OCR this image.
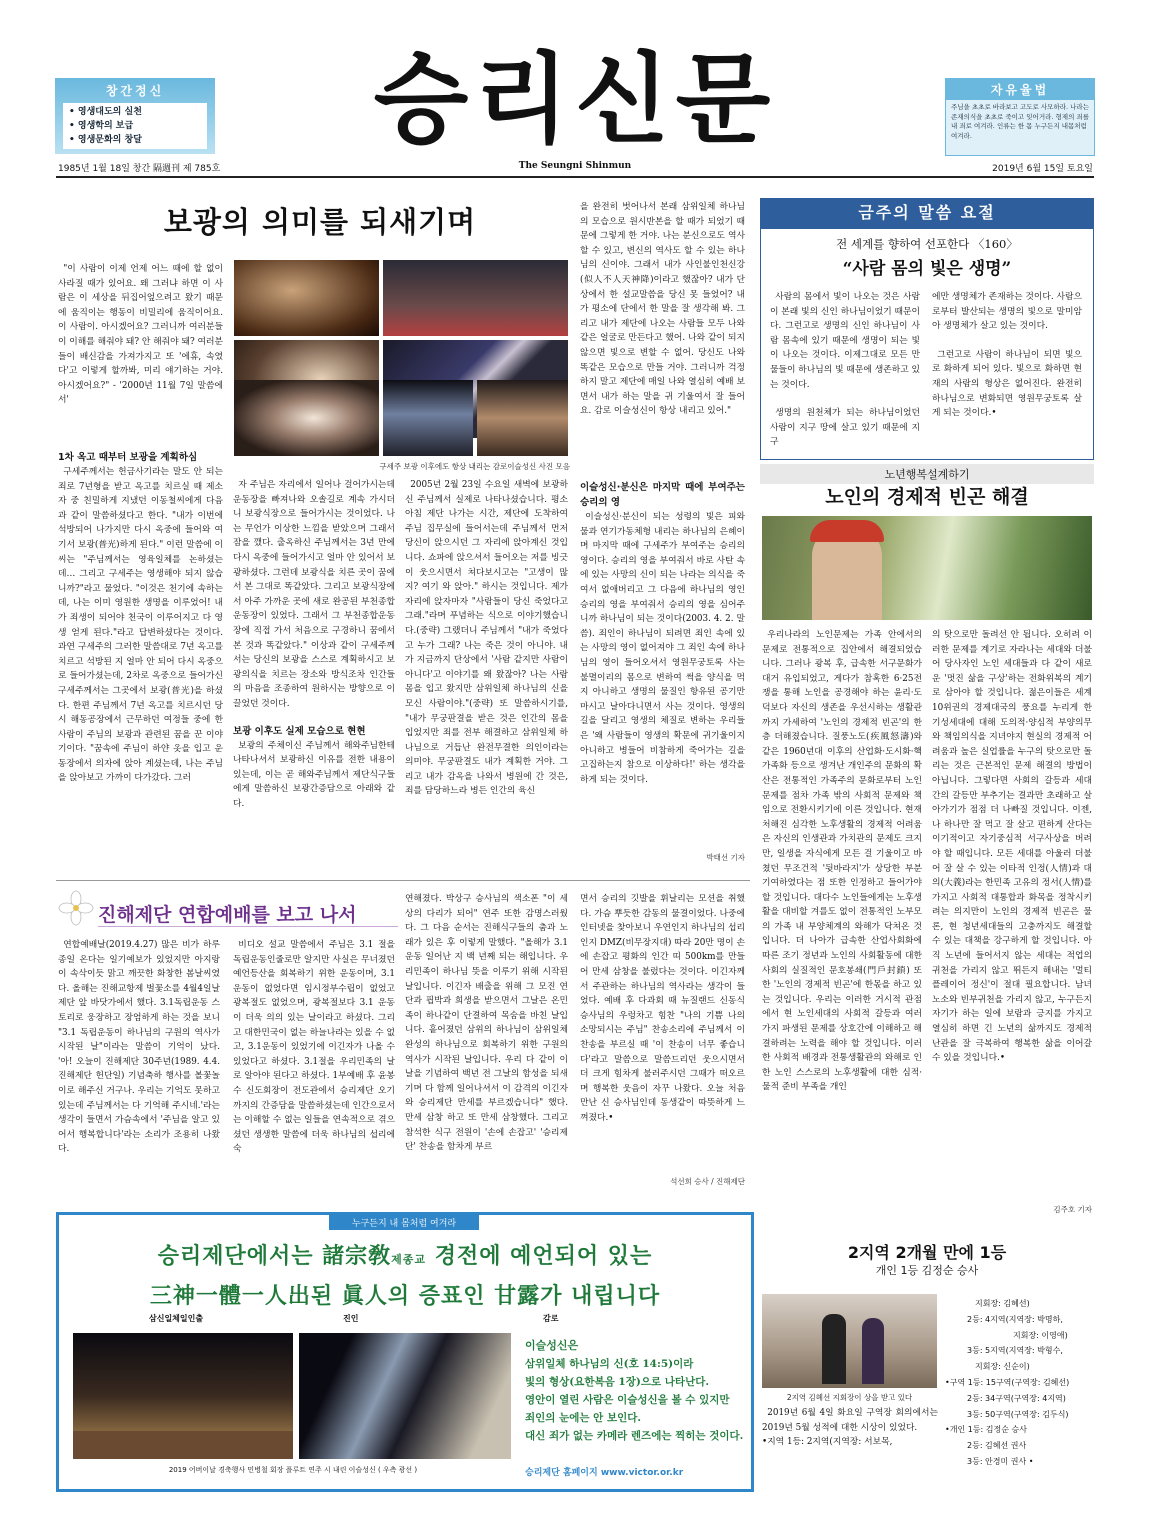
창간정신
• 영생대도의 실천
• 영생학의 보급
• 영생문화의 창달	승리신문	자유율법
주님을 초초로 바라보고 고도로 사모하라. 나라는 존재의식을 초초로 죽이고 잊어거라. 형제의 죄를 내 죄로 여겨라. 인류는 한 몸 누구든지 내몸처럼 여겨라.
1985년 1월 18일 창간 隔週刊 제 785호	The Seungni Shinmun	2019년 6월 15일 토요일
보광의 의미를 되새기며

"이 사람이 이제 언제 어느 때에 할 없이 사라질 때가 있어요. 왜 그러냐 하면 이 사람은 이 세상을 뒤집어엎으려고 왔기 때문에 움직이는 행동이 비밀리에 움직이어요. 이 사람이. 아시겠어요? 그러니까 여러분들이 이해를 해줘야 돼? 안 해줘야 돼? 여러분들이 배신감을 가져가지고 또 '에휴, 속였다'고 이렇게 할까봐, 미리 얘기하는 거야. 아시겠어요?" - '2000년 11월 7일 말씀에서'

구세주 보광 이후에도 항상 내리는 감로이슬성신 사진 모음
1차 옥고 때부터 보광을 계획하심

구세주께서는 헌금사기라는 말도 안 되는 죄로 7년형을 받고 옥고를 치르실 때 제소자 중 친밀하게 지냈던 이동철씨에게 다음과 같이 말씀하셨다고 한다. "내가 이번에 석방되어 나가지만 다시 옥중에 들어와 여기서 보광(普光)하게 된다." 이런 말씀에 이 씨는 "주님께서는 영육일체를 논하셨는데… 그리고 구세주는 영생해야 되지 않습니까?"라고 물었다. "이것은 천기에 속하는데, 나는 이미 영원한 생명을 이루었어! 내가 죄생이 되어야 천국이 이루어지고 다 영생 얻게 된다."라고 답변하셨다는 것이다. 과연 구세주의 그러한 말씀대로 7년 옥고를 치르고 석방된 지 얼마 안 되어 다시 옥중으로 들어가셨는데, 2차로 옥중으로 들어가신 구세주께서는 그곳에서 보광(普光)을 하셨다. 한편 주님께서 7년 옥고를 치르시던 당시 해동공장에서 근무하던 여정들 중에 한 사람이 주님의 보광과 관련된 꿈을 꾼 이야기이다. "꿈속에 주님이 하얀 옷을 입고 운동장에서 의자에 앉아 계셨는데, 나는 주님을 앉아보고 가까이 다가갔다. 그러

자 주님은 자리에서 일어나 걸어가시는데 운동장을 빠져나와 오솔길로 계속 가시더니 보광식장으로 들어가시는 것이었다. 나는 무언가 이상한 느낌을 받았으며 그래서 잠을 깼다. 출옥하신 주님께서는 3년 만에 다시 옥중에 들어가시고 얼마 안 있어서 보광하셨다. 그런데 보광식을 치른 곳이 꿈에서 본 그대로 똑같았다. 그리고 보광식장에서 아주 가까운 곳에 새로 완공된 부천종합운동장이 있었다. 그래서 그 부천종합운동장에 직접 가서 처음으로 구경하니 꿈에서 본 것과 똑같았다." 이상과 같이 구세주께서는 당신의 보광을 스스로 계획하시고 보광의식을 치르는 장소와 방식조차 인간들의 마음을 조종하여 원하시는 방향으로 이끌었던 것이다.

보광 이후도 실제 모습으로 현현

보광의 주체이신 주님께서 해와주님한테 나타나셔서 보광하신 이유를 전한 내용이 있는데, 이는 곧 해와주님께서 제단식구들에게 말씀하신 보광간증담으로 아래와 같다.

2005년 2월 23일 수요일 새벽에 보광하신 주님께서 실제로 나타나셨습니다. 평소 아침 제단 나가는 시간, 제단에 도착하여 주님 집무실에 들어서는데 주님께서 먼저 당신이 앉으시던 그 자리에 앉아계신 것입니다. 쇼파에 앉으셔서 들어오는 저를 빙긋이 웃으시면서 쳐다보시고는 "고생이 많지? 여기 와 앉아." 하시는 것입니다. 제가 자리에 앉자마자 "사람들이 당신 죽었다고 그래."라며 푸념하는 식으로 이야기했습니다.(중략) 그랬더니 주님께서 "내가 죽었다고 누가 그래? 나는 죽은 것이 아니야. 내가 지금까지 단상에서 '사람 같지만 사람이 아니다'고 이야기를 왜 왔잖아? 나는 사람 몸을 입고 왔지만 삼위일체 하나님의 신을 모신 사람이야."(중략) 또 말씀하시기를, "내가 무궁판결을 받은 것은 인간의 몸을 입었지만 죄를 전부 해결하고 삼위일체 하나님으로 거듭난 완전무결한 의인이라는 의미야. 무궁판결도 내가 계획한 거야. 그리고 내가 감옥을 나와서 병원에 간 것은, 죄를 담당하느라 병든 인간의 육신

을 완전히 벗어나서 본래 삼위일체 하나님의 모습으로 원시반본을 할 때가 되었기 때문에 그렇게 한 거야. 나는 분신으로도 역사할 수 있고, 변신의 역사도 할 수 있는 하나님의 신이야. 그래서 내가 사인불인천신강(似人不人天神降)이라고 했잖아? 내가 단상에서 한 설교말씀을 당신 못 들었어? 내가 평소에 단에서 한 말을 잘 생각해 봐. 그리고 내가 제단에 나오는 사람들 모두 나와 같은 얼굴로 만든다고 했어. 나와 같이 되지 않으면 빛으로 변할 수 없어. 당신도 나와 똑같은 모습으로 만들 거야. 그러니까 걱정하지 말고 제단에 매일 나와 열심히 예배 보면서 내가 하는 말을 귀 기울여서 잘 들어요. 감로 이슬성신이 항상 내리고 있어."

이슬성신·분신은 마지막 때에 부여주는 승리의 영

이슬성신·분신이 되는 성령의 빛은 피와 물과 연기가동체형 내리는 하나님의 은혜이며 마지막 때에 구세주가 부여주는 승리의 영이다. 승리의 영을 부여줘서 바로 사탄 속에 있는 사망의 신이 되는 나라는 의식을 죽여서 없애버리고 그 다음에 하나님의 영인 승리의 영을 부여줘서 승리의 영을 심어주니까 하나님이 되는 것이다(2003. 4. 2. 말씀). 죄인이 하나님이 되려면 죄인 속에 있는 사망의 영이 없어져야 그 죄인 속에 하나님의 영이 들어오셔서 영원무궁토록 사는 불멸이리의 몸으로 변하여 썩을 양식을 먹지 아니하고 생명의 물질인 항유된 공기만 마시고 날아다니면서 사는 것이다. 영생의 길을 달리고 영생의 체질로 변하는 우리들은 '왜 사람들이 영생의 확문에 귀기울이지 아니하고 병들어 비참하게 죽어가는 길을 고집하는지 참으로 이상하다!' 하는 생각을 하게 되는 것이다.

박태선 기자
진해제단 연합예배를 보고 나서

연합예배날(2019.4.27) 많은 비가 하루 종일 온다는 일기예보가 있었지만 아지랑이 속삭이듯 맑고 깨끗한 화창한 봄날씨였다. 올해는 진해교항제 벌꽃소를 4월4일날 제단 앞 바닷가에서 했다. 3.1독립운동 스토리로 웅장하고 장엄하게 하는 것을 보니 "3.1 독립운동이 하나님의 구원의 역사가 시작된 날"이라는 말씀이 기억이 났다. '아! 오늘이 진해제단 30주년(1989. 4.4. 진해제단 헌단일) 기념축하 행사를 볼꽃놀이로 해주신 거구나. 우리는 기억도 못하고 있는데 주님께서는 다 기억해 주시네.'라는 생각이 들면서 가슴속에서 '주님을 알고 있어서 행복합니다'라는 소리가 조용히 나왔다.

비디오 설교 말씀에서 주님은 3.1 절을 독립운동인줄로만 알지만 사실은 무너졌던 예언등산을 회복하기 위한 운동이며, 3.1운동이 없었다면 임시정부수립이 없었고 광복절도 없었으며, 광복절보다 3.1 운동이 더욱 의의 있는 날이라고 하셨다. 그리고 대한민국이 없는 하늘나라는 있을 수 없고, 3.1운동이 있었기에 이긴자가 나올 수 있었다고 하셨다. 3.1절을 우리민족의 날로 알아야 된다고 하셨다. 1부예배 후 윤봉수 신도회장이 전도관에서 승리제단 오기까지의 간증담을 말씀하셨는데 인간으로서는 이해할 수 없는 일들을 연속적으로 겪으셨던 생생한 말씀에 더욱 하나님의 섭리에 숙

연해졌다. 박상구 승사님의 색소폰 "이 세상의 다리가 되어" 연주 또한 감명스러웠다. 그 다음 순서는 진해식구들의 춤과 노래가 있은 후 이렇게 말했다. "올해가 3.1 운동 일어난 지 백 년째 되는 해입니다. 우리민족이 하나님 뜻을 이루기 위해 시작된 날입니다. 이긴자 배출을 위해 그 모진 연단과 핍박과 희생을 받으면서 그날은 온민족이 하나같이 단결하여 목숨을 바친 날입니다. 흩어졌던 삼위의 하나님이 삼위일체 완성의 하나님으로 회복하기 위한 구원의 역사가 시작된 날입니다. 우리 다 같이 이날을 기념하여 백년 전 그날의 함성을 되새기며 다 함께 일어나셔서 이 감격의 이긴자와 승리제단 만세를 부르겠습니다" 했다. 만세 삼창 하고 또 만세 삼창했다. 그리고 참석한 식구 전원이 '손에 손잡고' '승리제단' 찬송을 함차게 부르

면서 승리의 깃발을 휘날리는 모션을 취했다. 가슴 뿌듯한 감동의 물결이었다. 나중에 인터넷을 찾아보니 우연인지 하나님의 섭리인지 DMZ(비무장지대) 따라 20만 명이 손에 손잡고 평화의 인간 띠 500km를 만들어 만세 삼창을 불렀다는 것이다. 이긴자께서 주관하는 하나님의 역사라는 생각이 들었다. 예배 후 다과회 때 뉴질랜드 신동식 승사님의 우렁차고 힘찬 "나의 기쁨 나의 소망되시는 주님" 찬송소리에 주님께서 이 찬송을 부르실 때 '이 찬송이 너무 좋습니다'라고 말씀으로 말씀드리던 웃으시면서 더 크게 힘차게 불러주시던 그때가 떠오르며 행복한 웃음이 자꾸 나왔다. 오늘 처음 만난 신 승사님인데 동생같이 따뜻하게 느껴졌다.•

석선희 승사 / 진해제단
금주의 말씀 요절
전 세계를 향하여 선포한다 〈160〉
“사람 몸의 빛은 생명”

사람의 몸에서 빛이 나오는 것은 사람이 본래 빛의 신인 하나님이었기 때문이다. 그런고로 생명의 신인 하나님이 사람 몸속에 있기 때문에 생명이 되는 빛이 나오는 것이다. 이제그대로 모든 만물들이 하나님의 빛 때문에 생존하고 있는 것이다.

생명의 원천체가 되는 하나님이었던 사람이 지구 땅에 살고 있기 때문에 지구

에만 생명체가 존재하는 것이다. 사람으로부터 발산되는 생명의 빛으로 말미암아 생명체가 살고 있는 것이다.

그런고로 사람이 하나님이 되면 빛으로 화하게 되어 있다. 빛으로 화하면 현재의 사람의 형상은 없어진다. 완전히 하나님으로 변화되면 영원무궁토록 살게 되는 것이다.•

노년행복설계하기
노인의 경제적 빈곤 해결

우리나라의 노인문제는 가족 안에서의 문제로 전통적으로 집안에서 해결되었습니다. 그러나 광복 후, 급속한 서구문화가 대거 유입되었고, 게다가 참혹한 6·25전쟁을 통해 노인을 공경해야 하는 윤리·도덕보다 자신의 생존을 우선시하는 생활관까지 가세하여 '노인의 경제적 빈곤'의 한층 더해졌습니다. 질풍노도(疾風怒濤)와 같은 1960년대 이후의 산업화·도시화·핵가족화 등으로 생겨난 개인주의 문화의 확산은 전통적인 가족주의 문화로부터 노인문제를 점차 가족 밖의 사회적 문제와 책임으로 전환시키기에 이른 것입니다. 현재 처해진 심각한 노후생활의 경제적 어려움은 자신의 인생관과 가치관의 문제도 크지만, 일생을 자식에게 모든 걸 기울이고 바쳤던 무조건적 '뒷바라지'가 상당한 부분 기여하였다는 점 또한 인정하고 들어가야 할 것입니다. 대다수 노인들에게는 노후생활을 대비할 겨를도 없이 전통적인 노부모의 가족 내 부양체계의 와해가 닥쳐온 것입니다. 더 나아가 급속한 산업사회화에 따른 조기 정년과 노인의 사회활동에 대한 사회의 실질적인 문호봉쇄(門戶封鎖) 또한 '노인의 경제적 빈곤'에 한몫을 하고 있는 것입니다. 우리는 이러한 거시적 관점에서 현 노인세대의 사회적 갈등과 여러 가지 파생된 문제를 상호간에 이해하고 해결하려는 노력을 해야 할 것입니다. 이러한 사회적 배경과 전통생활관의 와해로 인한 노인 스스로의 노후생활에 대한 심적·물적 준비 부족을 개인

의 탓으로만 돌려선 안 됩니다. 오히려 이러한 문제를 계기로 자라나는 세대와 더불어 당사자인 노인 세대들과 다 같이 새로운 '멋진 삶을 구상'하는 전화위복의 계기로 삼아야 할 것입니다. 젊은이들은 세계 10위권의 경제대국의 풍요를 누리게 한 기성세대에 대해 도의적·양심적 부양의무와 책임의식을 지녀야지 현실의 경제적 어려움과 높은 실업률을 누구의 탓으로만 돌리는 것은 근본적인 문제 해결의 방법이 아닙니다. 그렇다면 사회의 갈등과 세대 간의 갈등만 부추기는 결과만 초래하고 살아가기가 점점 더 나빠질 것입니다. 이젠, 나 하나만 잘 먹고 잘 살고 편하게 산다는 이기적이고 자기중심적 서구사상을 버려야 할 때입니다. 모든 세대를 아울러 더불어 잘 살 수 있는 이타적 인정(人情)과 대의(大義)라는 한민족 고유의 정서(人情)를 가지고 사회적 대통합과 화목을 정착시키려는 의지만이 노인의 경제적 빈곤은 물론, 현 청년세대들의 고충까지도 해결할 수 있는 대책을 강구하게 할 것입니다. 아직 노년에 들어서지 않는 세대는 적업의 귀천을 가리지 않고 뛰든지 해내는 '멀티 플레이어 정신'이 절대 필요합니다. 남녀노소와 빈부귀천을 가리지 않고, 누구든지 자기가 하는 일에 보람과 긍지를 가지고 열심히 하면 긴 노년의 삶까지도 경제적 난관을 잘 극복하여 행복한 삶을 이어갈 수 있을 것입니다.•

김주호 기자
누구든지 내 몸처럼 여겨라
승리제단에서는 諸宗敎제종교 경전에 예언되어 있는
三神一體一人出된 眞人의 증표인 甘露가 내립니다
삼신일체일인출	진인	감로
2019 어버이날 경축행사 민병철 회장 플루트 연주 시 내린 이슬성신 ( 우측 광선 )
이슬성신은
삼위일체 하나님의 신(호 14:5)이라
빛의 형상(요한복음 1장)으로 나타난다.
영안이 열린 사람은 이슬성신을 볼 수 있지만
죄인의 눈에는 안 보인다.
대신 죄가 없는 카메라 렌즈에는 찍히는 것이다.
승리제단 홈페이지 www.victor.or.kr
2지역 2개월 만에 1등
개인 1등 김정순 승사
2지역 김혜선 지회장이 상을 받고 있다

2019년 6월 4일 화요일 구역장 회의에서는 2019년 5월 성적에 대한 시상이 있었다.

•지역 1등: 2지역(지역장: 서보목,

지회장: 김혜선)
2등: 4지역(지역장: 박명하,
지회장: 이영애)
3등: 5지역(지역장: 박형수,
지회장: 신순이)
•구역 1등: 15구역(구역장: 김혜선)
2등: 34구역(구역장: 4지역)
3등: 50구역(구역장: 김두식)
•개인 1등: 김정순 승사
2등: 김혜선 권사
3등: 안경미 권사 •
